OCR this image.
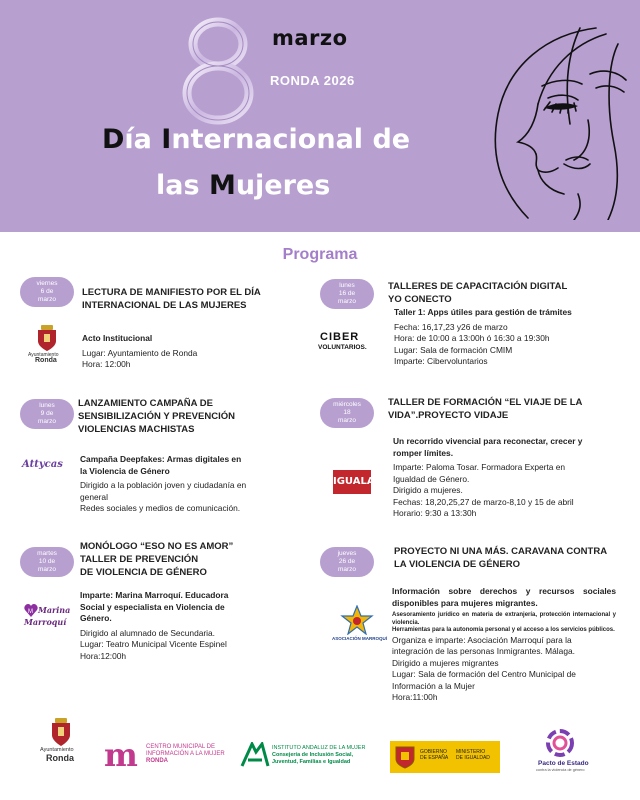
marzo
RONDA 2026
Día Internacional de
las Mujeres
Programa
viernes
6 de
marzo
LECTURA DE MANIFIESTO POR EL DÍA
INTERNACIONAL DE LAS MUJERES
Ayuntamiento
Ronda
Acto Institucional
Lugar: Ayuntamiento de Ronda
Hora: 12:00h
lunes
9 de
marzo
LANZAMIENTO CAMPAÑA DE
SENSIBILIZACIÓN Y PREVENCIÓN
VIOLENCIAS MACHISTAS
Attycas Campaña Deepfakes: Armas digitales en
la Violencia de Género
Dirigido a la población joven y ciudadanía en
general
Redes sociales y medios de comunicación.
martes
10 de
marzo
MONÓLOGO “ESO NO ES AMOR”
TALLER DE PREVENCIÓN
DE VIOLENCIA DE GÉNERO
M Marina
Marroquí
Imparte: Marina Marroquí. Educadora
Social y especialista en Violencia de
Género.
Dirigido al alumnado de Secundaria.
Lugar: Teatro Municipal Vicente Espinel
Hora:12:00h
lunes
16 de
marzo
TALLERES DE CAPACITACIÓN DIGITAL
YO CONECTO
CIBER
VOLUNTARIOS.
Taller 1: Apps útiles para gestión de trámites
Fecha: 16,17,23 y26 de marzo
Hora: de 10:00 a 13:00h ó 16:30 a 19:30h
Lugar: Sala de formación CMIM
Imparte: Cibervoluntarios
miércoles
18
marzo
TALLER DE FORMACIÓN “EL VIAJE DE LA
VIDA”.PROYECTO VIDAJE
IGUALA
Un recorrido vivencial para reconectar, crecer y
romper límites.
Imparte: Paloma Tosar. Formadora Experta en
Igualdad de Género.
Dirigido a mujeres.
Fechas: 18,20,25,27 de marzo-8,10 y 15 de abril
Horario: 9:30 a 13:30h
jueves
26 de
marzo
PROYECTO NI UNA MÁS. CARAVANA CONTRA
LA VIOLENCIA DE GÉNERO
ASOCIACIÓN MARROQUÍ
Información sobre derechos y recursos sociales disponibles para mujeres migrantes.
Asesoramiento jurídico en materia de extranjería, protección internacional y violencia.
Herramientas para la autonomía personal y el acceso a los servicios públicos.
Organiza e imparte: Asociación Marroquí para la
integración de las personas Inmigrantes. Málaga.
Dirigido a mujeres migrantes
Lugar: Sala de formación del Centro Municipal de
Información a la Mujer
Hora:11:00h
Ayuntamiento
Ronda m CENTRO MUNICIPAL DE
INFORMACIÓN A LA MUJER
RONDA
INSTITUTO ANDALUZ DE LA MUJER
Consejería de Inclusión Social,
Juventud, Familias e Igualdad
GOBIERNO
DE ESPAÑA
MINISTERIO
DE IGUALDAD
Pacto de Estado
contra la violencia de género
